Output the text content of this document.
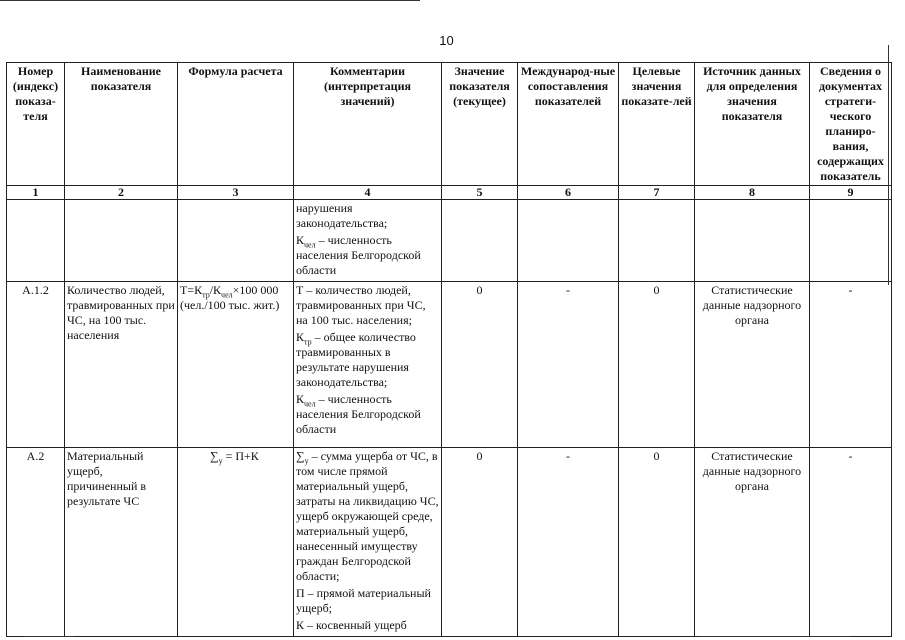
10
Номер (индекс) показа-теля	Наименование показателя	Формула расчета	Комментарии (интерпретация значений)	Значение показателя (текущее)	Международ-ные сопоставления показателей	Целевые значения показате-лей	Источник данных для определения значения показателя	Сведения о документах стратеги-ческого планиро-вания, содержащих показатель
1	2	3	4	5	6	7	8	9

			нарушения законодательства;

$К_{чел}$ – численность населения Белгородской области					

А.1.2	Количество людей, травмированных при ЧС, на 100 тыс. населения	$Т=К_{тр}/К_{чел}\times 100$ 000 (чел./100 тыс. жит.)	Т – количество людей, травмированных при ЧС, на 100 тыс. населения;

$К_{тр}$ – общее количество травмированных в результате нарушения законодательства;

$К_{чел}$ – численность населения Белгородской области	0	-	0	Статистические данные надзорного органа	-
А.2	Материальный ущерб, причиненный в результате ЧС	$\sum_у = П+К$	$\sum_у$ – сумма ущерба от ЧС, в том числе прямой материальный ущерб, затраты на ликвидацию ЧС, ущерб окружающей среде, материальный ущерб, нанесенный имуществу граждан Белгородской области;

П – прямой материальный ущерб;

К – косвенный ущерб	0	-	0	Статистические данные надзорного органа	-
